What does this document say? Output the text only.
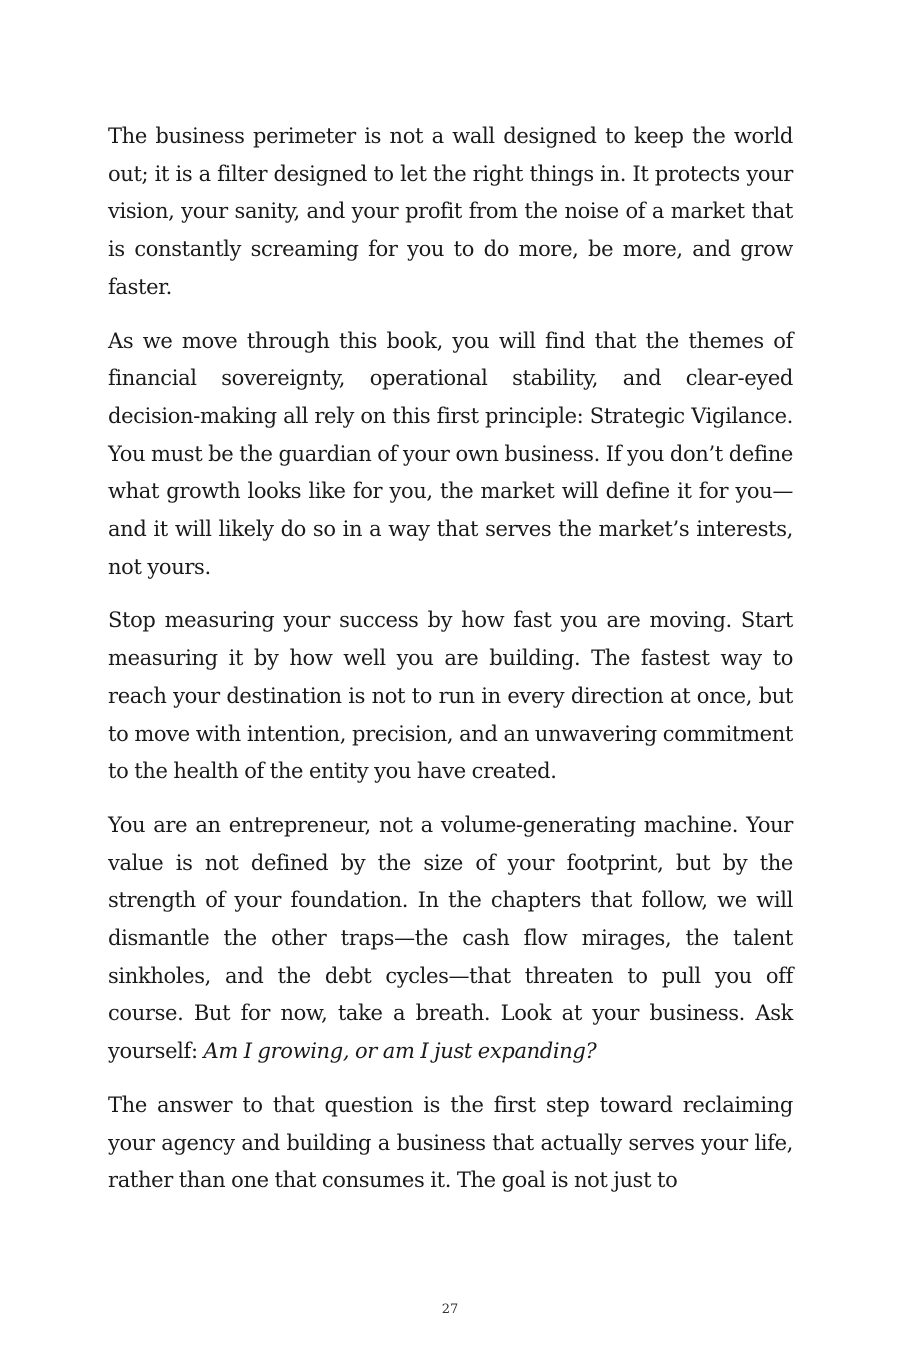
The business perimeter is not a wall designed to keep the world out; it is a filter designed to let the right things in. It protects your vision, your sanity, and your profit from the noise of a market that is constantly screaming for you to do more, be more, and grow faster.

As we move through this book, you will find that the themes of financial sovereignty, operational stability, and clear-eyed decision-making all rely on this first principle: Strategic Vigilance. You must be the guardian of your own business. If you don’t define what growth looks like for you, the market will define it for you—and it will likely do so in a way that serves the market’s interests, not yours.

Stop measuring your success by how fast you are moving. Start measuring it by how well you are building. The fastest way to reach your destination is not to run in every direction at once, but to move with intention, precision, and an unwavering commitment to the health of the entity you have created.

You are an entrepreneur, not a volume-generating machine. Your value is not defined by the size of your footprint, but by the strength of your foundation. In the chapters that follow, we will dismantle the other traps—the cash flow mirages, the talent sinkholes, and the debt cycles—that threaten to pull you off course. But for now, take a breath. Look at your business. Ask yourself: Am I growing, or am I just expanding?

The answer to that question is the first step toward reclaiming your agency and building a business that actually serves your life, rather than one that consumes it. The goal is not just to

27
